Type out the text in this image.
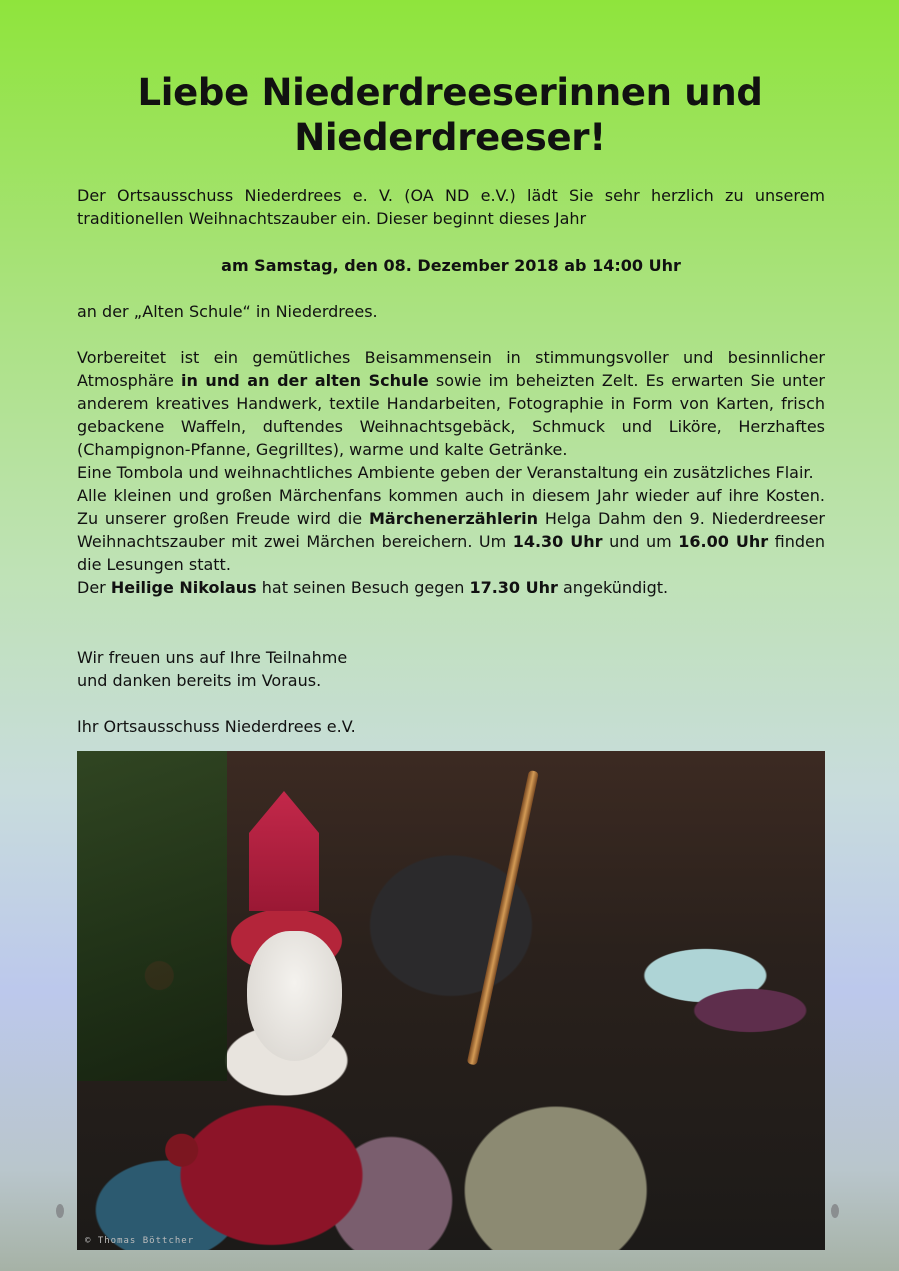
Liebe Niederdreeserinnen und
Niederdreeser!

Der Ortsausschuss Niederdrees e. V. (OA ND e.V.) lädt Sie sehr herzlich zu unserem traditionellen Weihnachtszauber ein. Dieser beginnt dieses Jahr

am Samstag, den 08. Dezember 2018 ab 14:00 Uhr

an der „Alten Schule“ in Niederdrees.

Vorbereitet ist ein gemütliches Beisammensein in stimmungsvoller und besinnlicher Atmosphäre in und an der alten Schule sowie im beheizten Zelt. Es erwarten Sie unter anderem kreatives Handwerk, textile Handarbeiten, Fotographie in Form von Karten, frisch gebackene Waffeln, duftendes Weihnachtsgebäck, Schmuck und Liköre, Herzhaftes (Champignon-Pfanne, Gegrilltes), warme und kalte Getränke.
Eine Tombola und weihnachtliches Ambiente geben der Veranstaltung ein zusätzliches Flair.
Alle kleinen und großen Märchenfans kommen auch in diesem Jahr wieder auf ihre Kosten. Zu unserer großen Freude wird die Märchenerzählerin Helga Dahm den 9. Niederdreeser Weihnachtszauber mit zwei Märchen bereichern. Um 14.30 Uhr und um 16.00 Uhr finden die Lesungen statt.
Der Heilige Nikolaus hat seinen Besuch gegen 17.30 Uhr angekündigt.
Wir freuen uns auf Ihre Teilnahme
und danken bereits im Voraus.

Ihr Ortsausschuss Niederdrees e.V.

© Thomas Böttcher
